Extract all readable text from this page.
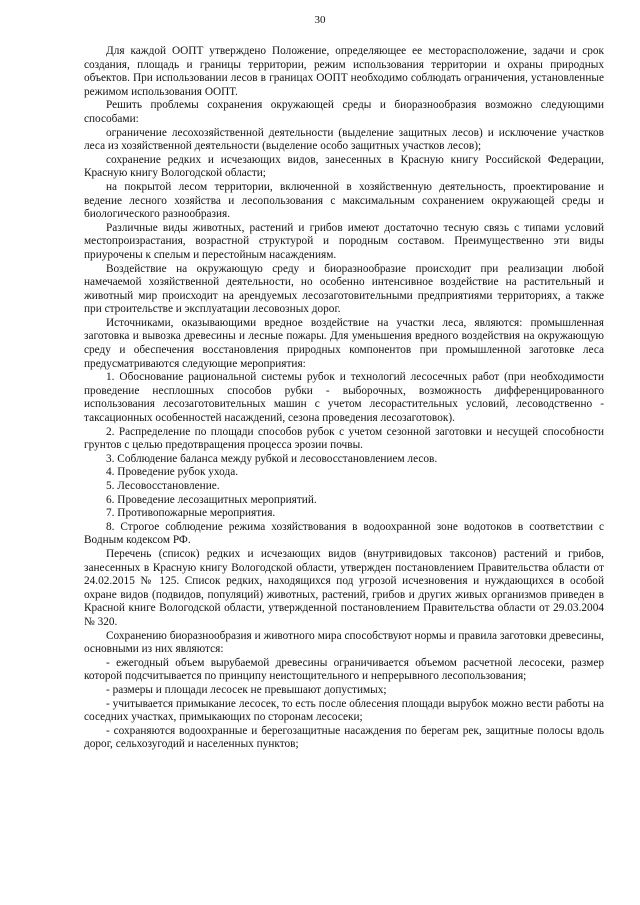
30

Для каждой ООПТ утверждено Положение, определяющее ее месторасположение, задачи и срок создания, площадь и границы территории, режим использования территории и охраны природных объектов. При использовании лесов в границах ООПТ необходимо соблюдать ограничения, установленные режимом использования ООПТ.

Решить проблемы сохранения окружающей среды и биоразнообразия возможно следующими способами:

ограничение лесохозяйственной деятельности (выделение защитных лесов) и исключение участков леса из хозяйственной деятельности (выделение особо защитных участков лесов);

сохранение редких и исчезающих видов, занесенных в Красную книгу Российской Федерации, Красную книгу Вологодской области;

на покрытой лесом территории, включенной в хозяйственную деятельность, проектирование и ведение лесного хозяйства и лесопользования с максимальным сохранением окружающей среды и биологического разнообразия.

Различные виды животных, растений и грибов имеют достаточно тесную связь с типами условий местопроизрастания, возрастной структурой и породным составом. Преимущественно эти виды приурочены к спелым и перестойным насаждениям.

Воздействие на окружающую среду и биоразнообразие происходит при реализации любой намечаемой хозяйственной деятельности, но особенно интенсивное воздействие на растительный и животный мир происходит на арендуемых лесозаготовительными предприятиями территориях, а также при строительстве и эксплуатации лесовозных дорог.

Источниками, оказывающими вредное воздействие на участки леса, являются: промышленная заготовка и вывозка древесины и лесные пожары. Для уменьшения вредного воздействия на окружающую среду и обеспечения восстановления природных компонентов при промышленной заготовке леса предусматриваются следующие мероприятия:

1. Обоснование рациональной системы рубок и технологий лесосечных работ (при необходимости проведение несплошных способов рубки - выборочных, возможность дифференцированного использования лесозаготовительных машин с учетом лесорастительных условий, лесоводственно - таксационных особенностей насаждений, сезона проведения лесозаготовок).

2. Распределение по площади способов рубок с учетом сезонной заготовки и несущей способности грунтов с целью предотвращения процесса эрозии почвы.

3. Соблюдение баланса между рубкой и лесовосстановлением лесов.

4. Проведение рубок ухода.

5. Лесовосстановление.

6. Проведение лесозащитных мероприятий.

7. Противопожарные мероприятия.

8. Строгое соблюдение режима хозяйствования в водоохранной зоне водотоков в соответствии с Водным кодексом РФ.

Перечень (список) редких и исчезающих видов (внутривидовых таксонов) растений и грибов, занесенных в Красную книгу Вологодской области, утвержден постановлением Правительства области от 24.02.2015 № 125. Список редких, находящихся под угрозой исчезновения и нуждающихся в особой охране видов (подвидов, популяций) животных, растений, грибов и других живых организмов приведен в Красной книге Вологодской области, утвержденной постановлением Правительства области от 29.03.2004 № 320.

Сохранению биоразнообразия и животного мира способствуют нормы и правила заготовки древесины, основными из них являются:

- ежегодный объем вырубаемой древесины ограничивается объемом расчетной лесосеки, размер которой подсчитывается по принципу неистощительного и непрерывного лесопользования;

- размеры и площади лесосек не превышают допустимых;

- учитывается примыкание лесосек, то есть после облесения площади вырубок можно вести работы на соседних участках, примыкающих по сторонам лесосеки;

- сохраняются водоохранные и берегозащитные насаждения по берегам рек, защитные полосы вдоль дорог, сельхозугодий и населенных пунктов;
